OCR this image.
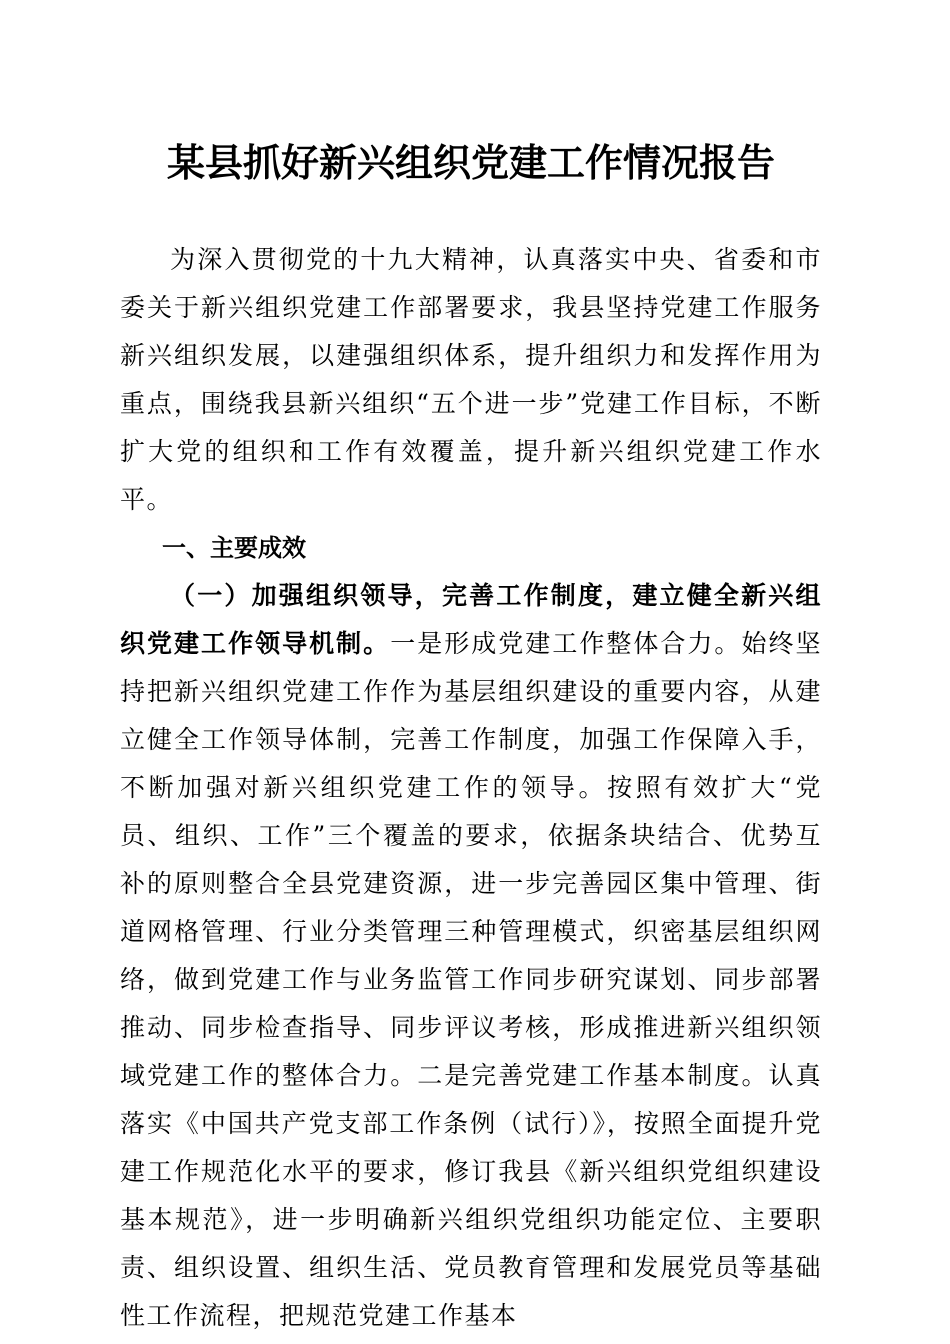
某县抓好新兴组织党建工作情况报告

为深入贯彻党的十九大精神，认真落实中央、省委和市委关于新兴组织党建工作部署要求，我县坚持党建工作服务新兴组织发展，以建强组织体系，提升组织力和发挥作用为重点，围绕我县新兴组织“五个进一步”党建工作目标，不断扩大党的组织和工作有效覆盖，提升新兴组织党建工作水平。

一、主要成效

（一）加强组织领导，完善工作制度，建立健全新兴组织党建工作领导机制。一是形成党建工作整体合力。始终坚持把新兴组织党建工作作为基层组织建设的重要内容，从建立健全工作领导体制，完善工作制度，加强工作保障入手，不断加强对新兴组织党建工作的领导。按照有效扩大“党员、组织、工作”三个覆盖的要求，依据条块结合、优势互补的原则整合全县党建资源，进一步完善园区集中管理、街道网格管理、行业分类管理三种管理模式，织密基层组织网络，做到党建工作与业务监管工作同步研究谋划、同步部署推动、同步检查指导、同步评议考核，形成推进新兴组织领域党建工作的整体合力。二是完善党建工作基本制度。认真落实《中国共产党支部工作条例（试行）》，按照全面提升党建工作规范化水平的要求，修订我县《新兴组织党组织建设基本规范》，进一步明确新兴组织党组织功能定位、主要职责、组织设置、组织生活、党员教育管理和发展党员等基础性工作流程，把规范党建工作基本
